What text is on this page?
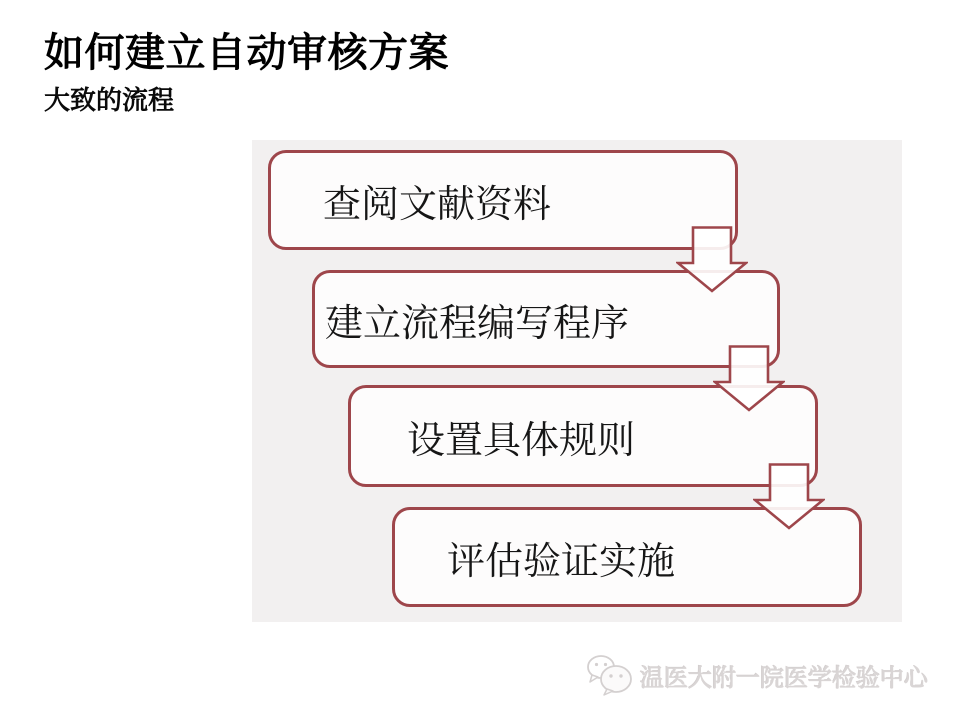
如何建立自动审核方案
大致的流程
查阅文献资料
建立流程编写程序
设置具体规则
评估验证实施
温医大附一院医学检验中心
